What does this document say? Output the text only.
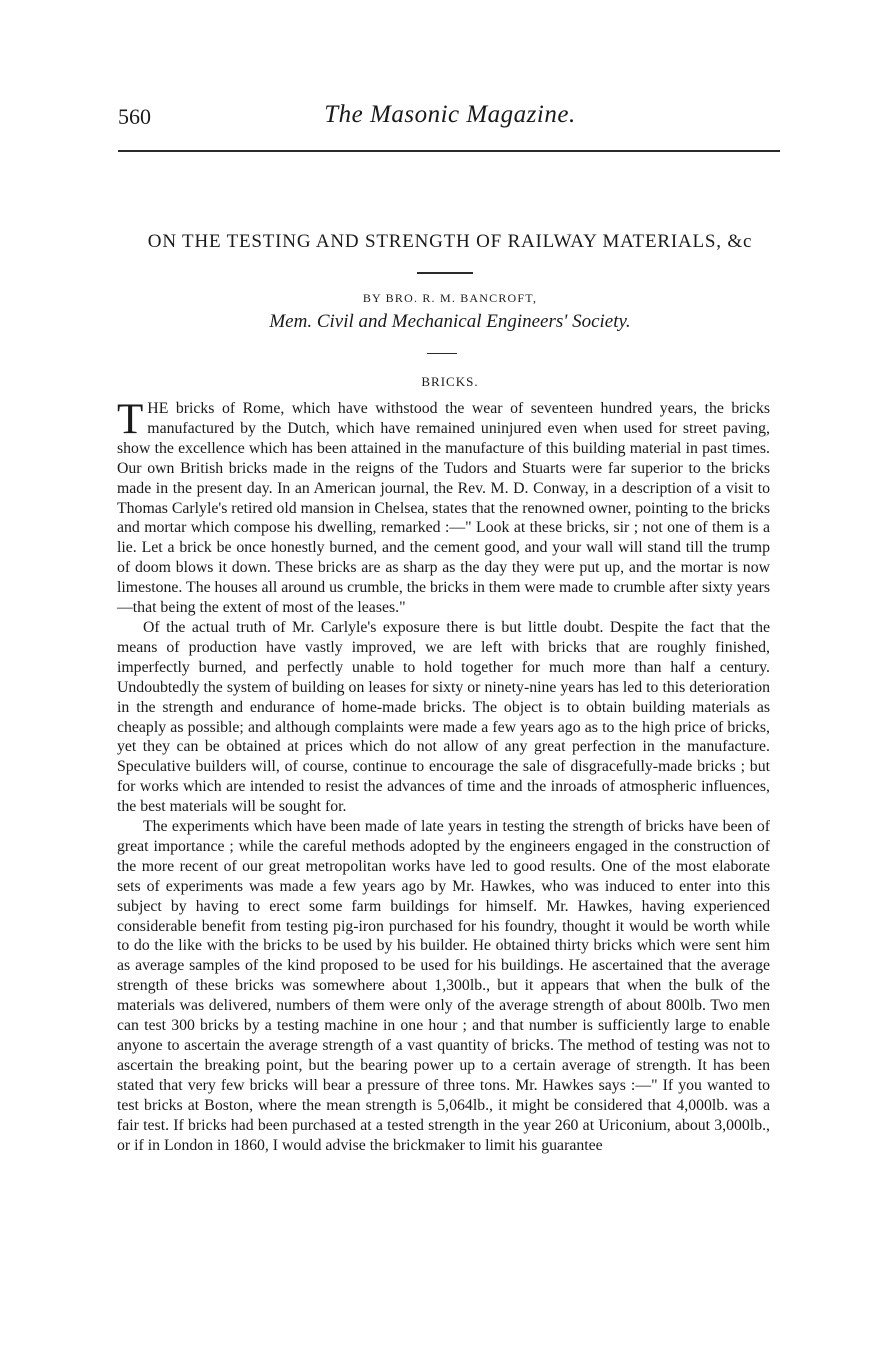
560	The Masonic Magazine.
ON THE TESTING AND STRENGTH OF RAILWAY MATERIALS, &c
BY BRO. R. M. BANCROFT,
Mem. Civil and Mechanical Engineers' Society.
BRICKS.

THE bricks of Rome, which have withstood the wear of seventeen hundred years, the bricks manufactured by the Dutch, which have remained uninjured even when used for street paving, show the excellence which has been attained in the manufacture of this building material in past times. Our own British bricks made in the reigns of the Tudors and Stuarts were far superior to the bricks made in the present day. In an American journal, the Rev. M. D. Conway, in a description of a visit to Thomas Carlyle's retired old mansion in Chelsea, states that the renowned owner, pointing to the bricks and mortar which compose his dwelling, remarked :—" Look at these bricks, sir ; not one of them is a lie. Let a brick be once honestly burned, and the cement good, and your wall will stand till the trump of doom blows it down. These bricks are as sharp as the day they were put up, and the mortar is now limestone. The houses all around us crumble, the bricks in them were made to crumble after sixty years—that being the extent of most of the leases."

Of the actual truth of Mr. Carlyle's exposure there is but little doubt. Despite the fact that the means of production have vastly improved, we are left with bricks that are roughly finished, imperfectly burned, and perfectly unable to hold together for much more than half a century. Undoubtedly the system of building on leases for sixty or ninety-nine years has led to this deterioration in the strength and endurance of home-made bricks. The object is to obtain building materials as cheaply as possible; and although complaints were made a few years ago as to the high price of bricks, yet they can be obtained at prices which do not allow of any great perfection in the manufacture. Speculative builders will, of course, continue to encourage the sale of disgracefully-made bricks ; but for works which are intended to resist the advances of time and the inroads of atmospheric influences, the best materials will be sought for.

The experiments which have been made of late years in testing the strength of bricks have been of great importance ; while the careful methods adopted by the engineers engaged in the construction of the more recent of our great metropolitan works have led to good results. One of the most elaborate sets of experiments was made a few years ago by Mr. Hawkes, who was induced to enter into this subject by having to erect some farm buildings for himself. Mr. Hawkes, having experienced considerable benefit from testing pig-iron purchased for his foundry, thought it would be worth while to do the like with the bricks to be used by his builder. He obtained thirty bricks which were sent him as average samples of the kind proposed to be used for his buildings. He ascertained that the average strength of these bricks was somewhere about 1,300lb., but it appears that when the bulk of the materials was delivered, numbers of them were only of the average strength of about 800lb. Two men can test 300 bricks by a testing machine in one hour ; and that number is sufficiently large to enable anyone to ascertain the average strength of a vast quantity of bricks. The method of testing was not to ascertain the breaking point, but the bearing power up to a certain average of strength. It has been stated that very few bricks will bear a pressure of three tons. Mr. Hawkes says :—" If you wanted to test bricks at Boston, where the mean strength is 5,064lb., it might be considered that 4,000lb. was a fair test. If bricks had been purchased at a tested strength in the year 260 at Uriconium, about 3,000lb., or if in London in 1860, I would advise the brickmaker to limit his guarantee
